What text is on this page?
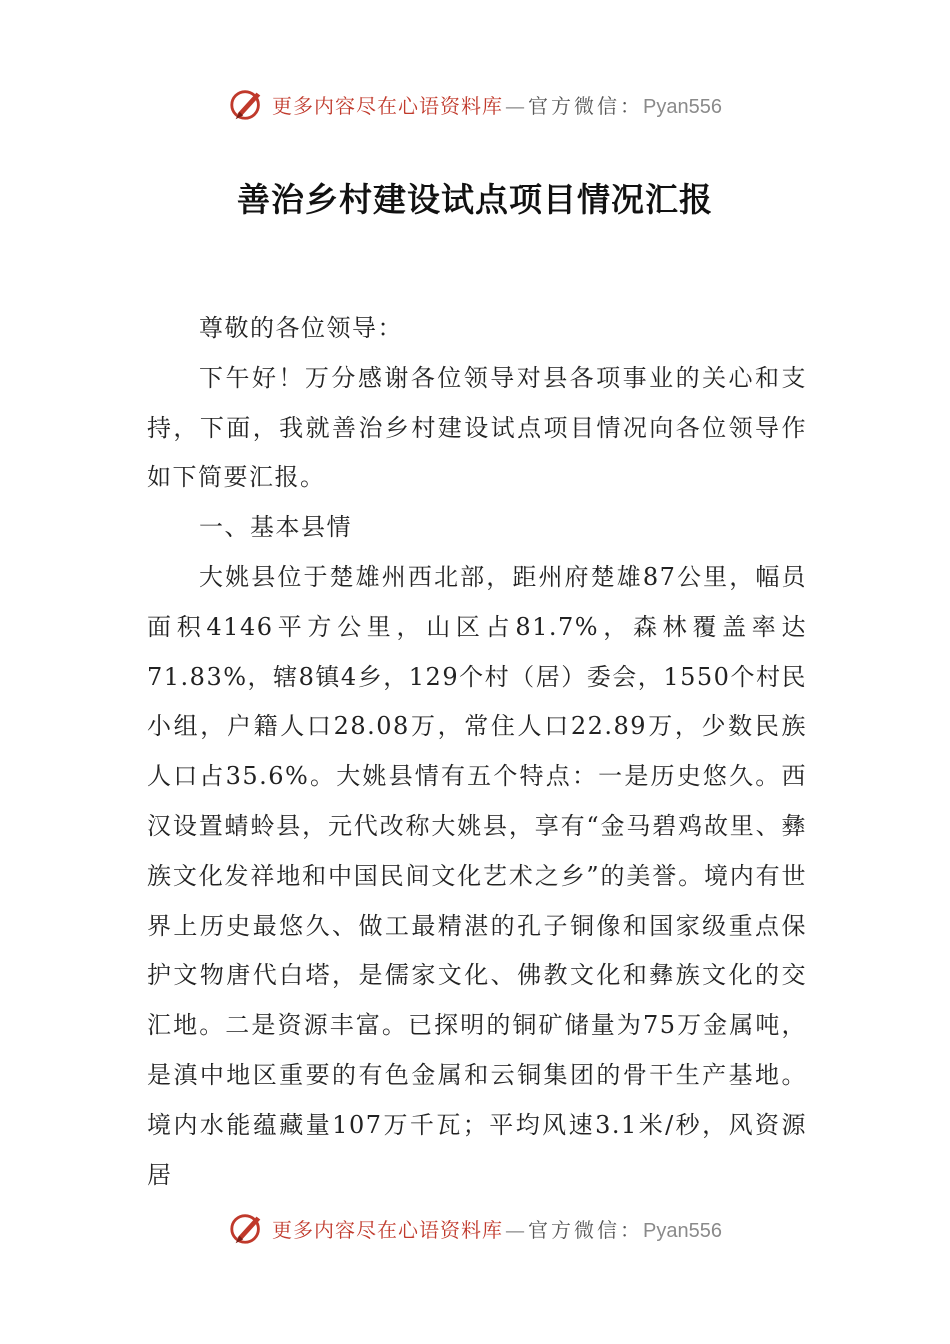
更多内容尽在心语资料库 — 官方微信：Pyan556
善治乡村建设试点项目情况汇报

尊敬的各位领导：

下午好！万分感谢各位领导对县各项事业的关心和支持，下面，我就善治乡村建设试点项目情况向各位领导作如下简要汇报。

一、基本县情

大姚县位于楚雄州西北部，距州府楚雄87公里，幅员面积4146平方公里，山区占81.7%，森林覆盖率达71.83%，辖8镇4乡，129个村（居）委会，1550个村民小组，户籍人口28.08万，常住人口22.89万，少数民族人口占35.6%。大姚县情有五个特点：一是历史悠久。西汉设置蜻蛉县，元代改称大姚县，享有“金马碧鸡故里、彝族文化发祥地和中国民间文化艺术之乡”的美誉。境内有世界上历史最悠久、做工最精湛的孔子铜像和国家级重点保护文物唐代白塔，是儒家文化、佛教文化和彝族文化的交汇地。二是资源丰富。已探明的铜矿储量为75万金属吨，是滇中地区重要的有色金属和云铜集团的骨干生产基地。境内水能蕴藏量107万千瓦；平均风速3.1米/秒，风资源居

更多内容尽在心语资料库 — 官方微信：Pyan556
